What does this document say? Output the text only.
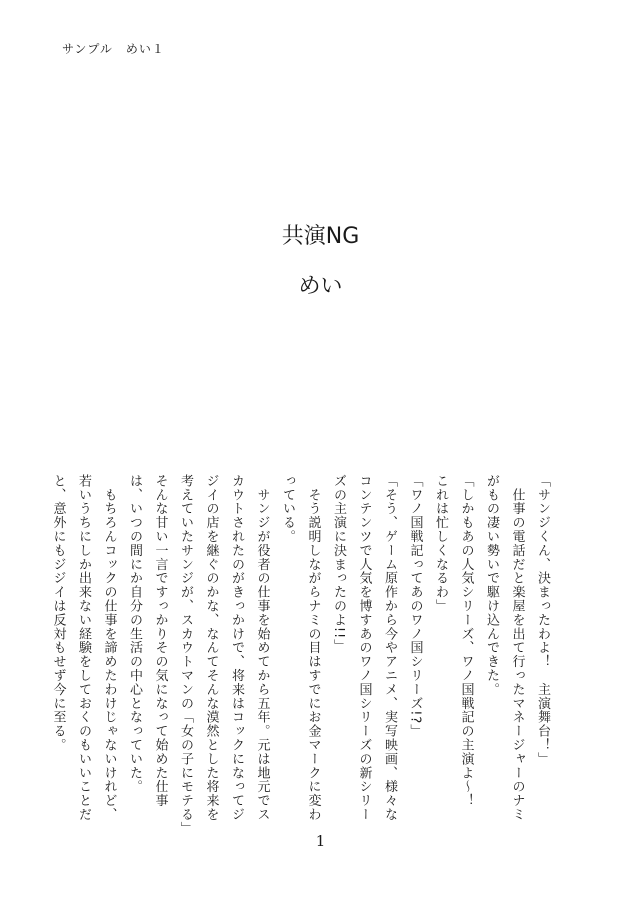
サンプル　めい１
共演NG
めい

「サンジくん、決まったわよ！　主演舞台！」

　仕事の電話だと楽屋を出て行ったマネージャーのナミがもの凄い勢いで駆け込んできた。

「しかもあの人気シリーズ、ワノ国戦記の主演よ〜！　これは忙しくなるわ」

「ワノ国戦記ってあのワノ国シリーズ!?」

「そう、ゲーム原作から今やアニメ、実写映画、様々なコンテンツで人気を博すあのワノ国シリーズの新シリーズの主演に決まったのよ!!」

　そう説明しながらナミの目はすでにお金マークに変わっている。

　サンジが役者の仕事を始めてから五年。元は地元でスカウトされたのがきっかけで、将来はコックになってジジイの店を継ぐのかな、なんてそんな漠然とした将来を考えていたサンジが、スカウトマンの「女の子にモテる」そんな甘い一言ですっかりその気になって始めた仕事は、いつの間にか自分の生活の中心となっていた。

　もちろんコックの仕事を諦めたわけじゃないけれど、若いうちにしか出来ない経験をしておくのもいいことだと、意外にもジジイは反対もせず今に至る。

1
